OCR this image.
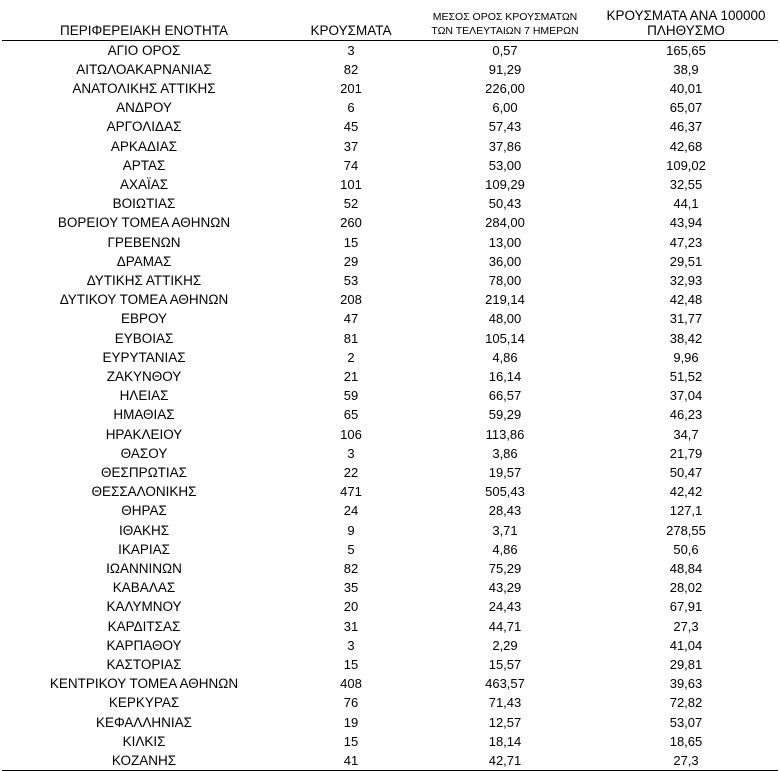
ΠΕΡΙΦΕΡΕΙΑΚΗ ΕΝΟΤΗΤΑ	ΚΡΟΥΣΜΑΤΑ	ΜΕΣΟΣ ΟΡΟΣ ΚΡΟΥΣΜΑΤΩΝ
ΤΩΝ ΤΕΛΕΥΤΑΙΩΝ 7 ΗΜΕΡΩΝ	ΚΡΟΥΣΜΑΤΑ ΑΝΑ 100000
ΠΛΗΘΥΣΜΟ
ΑΓΙΟ ΟΡΟΣ	3	0,57	165,65
ΑΙΤΩΛΟΑΚΑΡΝΑΝΙΑΣ	82	91,29	38,9
ΑΝΑΤΟΛΙΚΗΣ ΑΤΤΙΚΗΣ	201	226,00	40,01
ΑΝΔΡΟΥ	6	6,00	65,07
ΑΡΓΟΛΙΔΑΣ	45	57,43	46,37
ΑΡΚΑΔΙΑΣ	37	37,86	42,68
ΑΡΤΑΣ	74	53,00	109,02
ΑΧΑΪΑΣ	101	109,29	32,55
ΒΟΙΩΤΙΑΣ	52	50,43	44,1
ΒΟΡΕΙΟΥ ΤΟΜΕΑ ΑΘΗΝΩΝ	260	284,00	43,94
ΓΡΕΒΕΝΩΝ	15	13,00	47,23
ΔΡΑΜΑΣ	29	36,00	29,51
ΔΥΤΙΚΗΣ ΑΤΤΙΚΗΣ	53	78,00	32,93
ΔΥΤΙΚΟΥ ΤΟΜΕΑ ΑΘΗΝΩΝ	208	219,14	42,48
ΕΒΡΟΥ	47	48,00	31,77
ΕΥΒΟΙΑΣ	81	105,14	38,42
ΕΥΡΥΤΑΝΙΑΣ	2	4,86	9,96
ΖΑΚΥΝΘΟΥ	21	16,14	51,52
ΗΛΕΙΑΣ	59	66,57	37,04
ΗΜΑΘΙΑΣ	65	59,29	46,23
ΗΡΑΚΛΕΙΟΥ	106	113,86	34,7
ΘΑΣΟΥ	3	3,86	21,79
ΘΕΣΠΡΩΤΙΑΣ	22	19,57	50,47
ΘΕΣΣΑΛΟΝΙΚΗΣ	471	505,43	42,42
ΘΗΡΑΣ	24	28,43	127,1
ΙΘΑΚΗΣ	9	3,71	278,55
ΙΚΑΡΙΑΣ	5	4,86	50,6
ΙΩΑΝΝΙΝΩΝ	82	75,29	48,84
ΚΑΒΑΛΑΣ	35	43,29	28,02
ΚΑΛΥΜΝΟΥ	20	24,43	67,91
ΚΑΡΔΙΤΣΑΣ	31	44,71	27,3
ΚΑΡΠΑΘΟΥ	3	2,29	41,04
ΚΑΣΤΟΡΙΑΣ	15	15,57	29,81
ΚΕΝΤΡΙΚΟΥ ΤΟΜΕΑ ΑΘΗΝΩΝ	408	463,57	39,63
ΚΕΡΚΥΡΑΣ	76	71,43	72,82
ΚΕΦΑΛΛΗΝΙΑΣ	19	12,57	53,07
ΚΙΛΚΙΣ	15	18,14	18,65
ΚΟΖΑΝΗΣ	41	42,71	27,3
